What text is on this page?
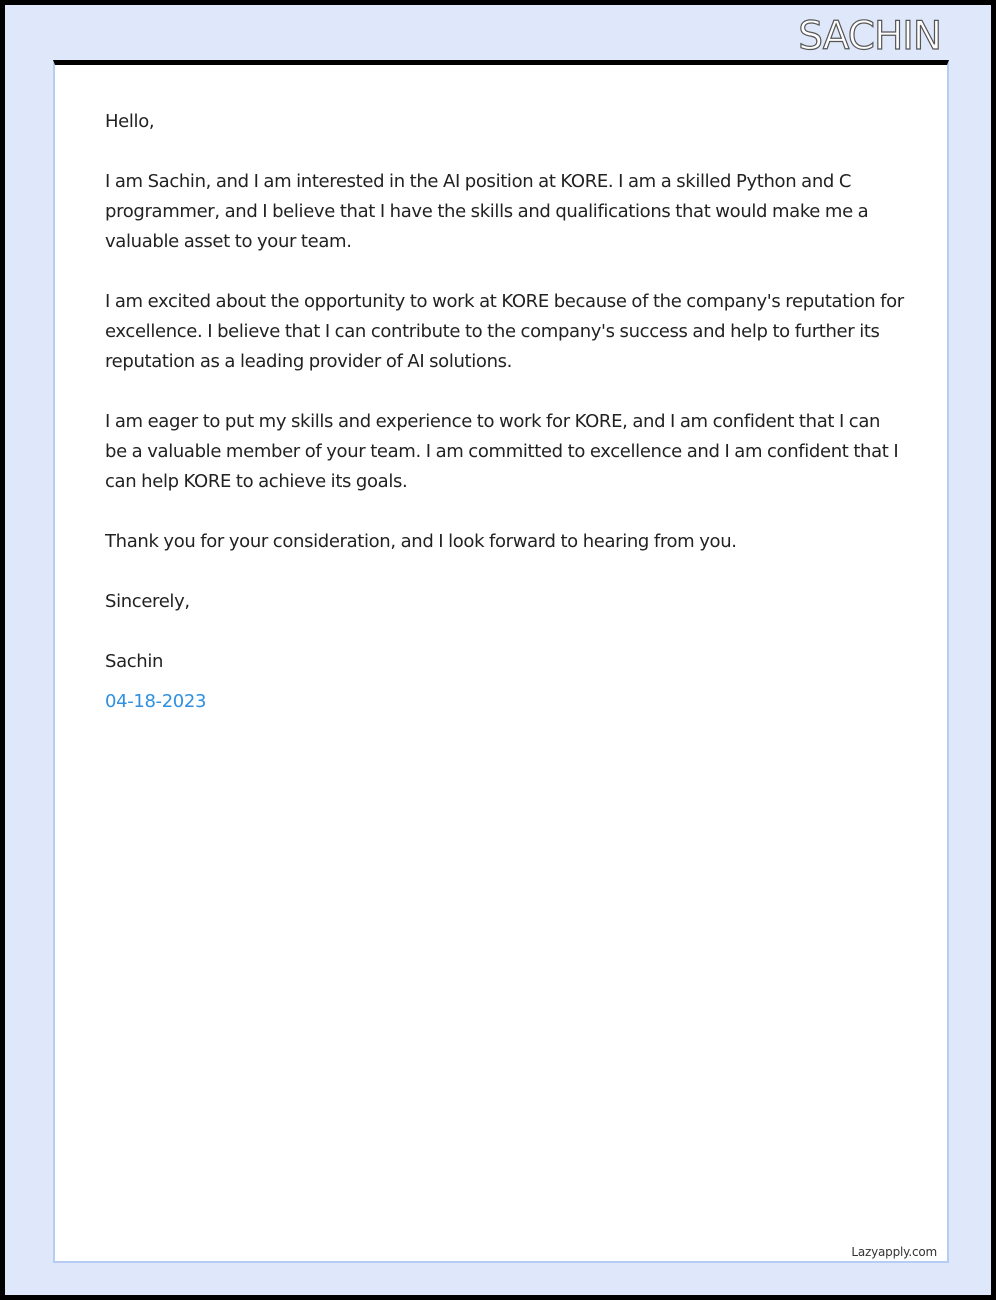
SACHIN

Hello,

I am Sachin, and I am interested in the AI position at KORE. I am a skilled Python and C programmer, and I believe that I have the skills and qualifications that would make me a valuable asset to your team.

I am excited about the opportunity to work at KORE because of the company's reputation for excellence. I believe that I can contribute to the company's success and help to further its reputation as a leading provider of AI solutions.

I am eager to put my skills and experience to work for KORE, and I am confident that I can be a valuable member of your team. I am committed to excellence and I am confident that I can help KORE to achieve its goals.

Thank you for your consideration, and I look forward to hearing from you.

Sincerely,

Sachin

04-18-2023

Lazyapply.com
